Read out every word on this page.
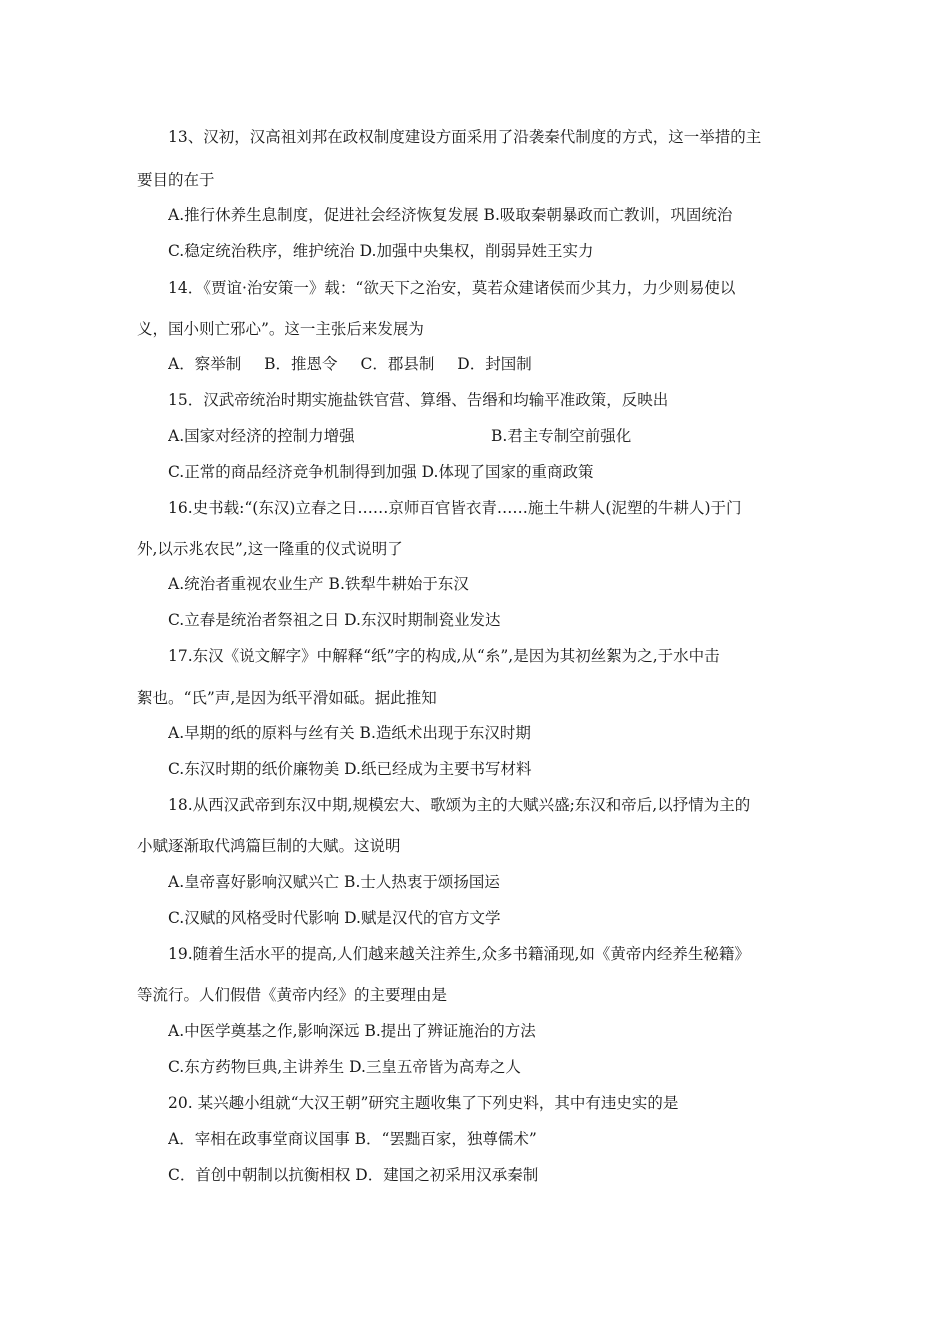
13、汉初，汉高祖刘邦在政权制度建设方面采用了沿袭秦代制度的方式，这一举措的主
要目的在于
A.推行休养生息制度，促进社会经济恢复发展 B.吸取秦朝暴政而亡教训，巩固统治
C.稳定统治秩序，维护统治 D.加强中央集权，削弱异姓王实力
14．《贾谊·治安策一》载：“欲天下之治安，莫若众建诸侯而少其力，力少则易使以
义，国小则亡邪心”。这一主张后来发展为
A．察举制 B．推恩令 C．郡县制 D．封国制
15．汉武帝统治时期实施盐铁官营、算缗、告缗和均输平准政策，反映出
A.国家对经济的控制力增强	B.君主专制空前强化
C.正常的商品经济竞争机制得到加强 D.体现了国家的重商政策
16.史书载:“(东汉)立春之日……京师百官皆衣青……施土牛耕人(泥塑的牛耕人)于门
外,以示兆农民”,这一隆重的仪式说明了
A.统治者重视农业生产 B.铁犁牛耕始于东汉
C.立春是统治者祭祖之日 D.东汉时期制瓷业发达
17.东汉《说文解字》中解释“纸”字的构成,从“糸”,是因为其初丝絮为之,于水中击
絮也。“氏”声,是因为纸平滑如砥。据此推知
A.早期的纸的原料与丝有关 B.造纸术出现于东汉时期
C.东汉时期的纸价廉物美 D.纸已经成为主要书写材料
18.从西汉武帝到东汉中期,规模宏大、歌颂为主的大赋兴盛;东汉和帝后,以抒情为主的
小赋逐渐取代鸿篇巨制的大赋。这说明
A.皇帝喜好影响汉赋兴亡 B.士人热衷于颂扬国运
C.汉赋的风格受时代影响 D.赋是汉代的官方文学
19.随着生活水平的提高,人们越来越关注养生,众多书籍涌现,如《黄帝内经养生秘籍》
等流行。人们假借《黄帝内经》的主要理由是
A.中医学奠基之作,影响深远 B.提出了辨证施治的方法
C.东方药物巨典,主讲养生 D.三皇五帝皆为高寿之人
20. 某兴趣小组就“大汉王朝”研究主题收集了下列史料，其中有违史实的是
A．宰相在政事堂商议国事 B．“罢黜百家，独尊儒术”
C．首创中朝制以抗衡相权 D．建国之初采用汉承秦制
